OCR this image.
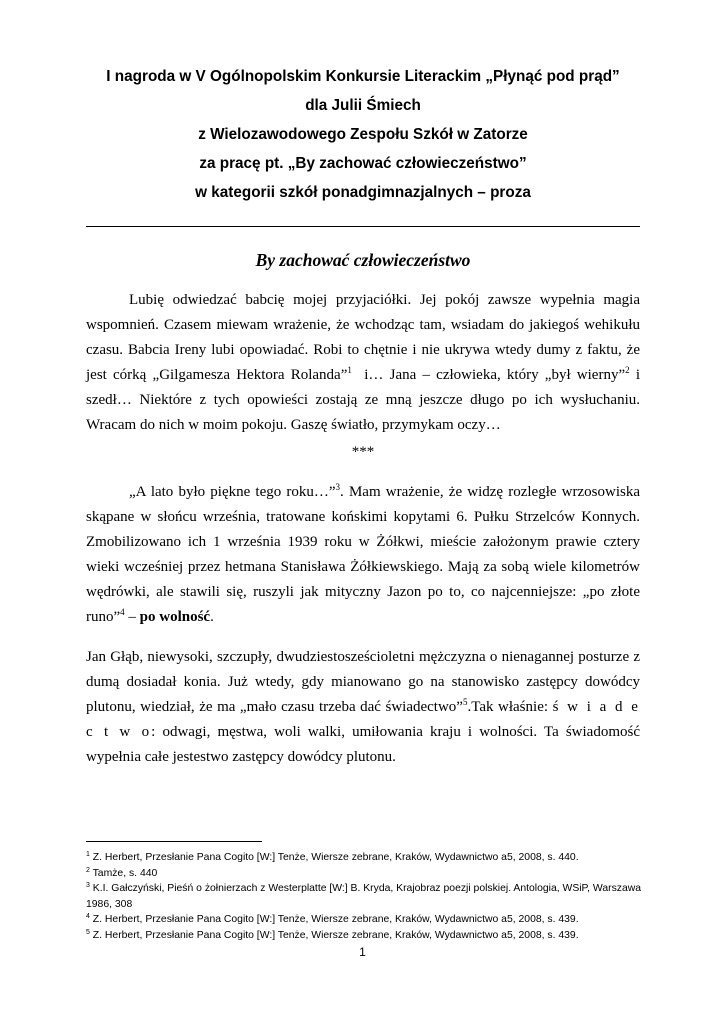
I nagroda w V Ogólnopolskim Konkursie Literackim „Płynąć pod prąd”
dla Julii Śmiech
z Wielozawodowego Zespołu Szkół w Zatorze
za pracę pt. „By zachować człowieczeństwo”
w kategorii szkół ponadgimnazjalnych – proza
By zachować człowieczeństwo

Lubię odwiedzać babcię mojej przyjaciółki. Jej pokój zawsze wypełnia magia wspomnień. Czasem miewam wrażenie, że wchodząc tam, wsiadam do jakiegoś wehikułu czasu. Babcia Ireny lubi opowiadać. Robi to chętnie i nie ukrywa wtedy dumy z faktu, że jest córką „Gilgamesza Hektora Rolanda”$^1$  i… Jana – człowieka, który „był wierny”$^2$ i szedł… Niektóre z tych opowieści zostają ze mną jeszcze długo po ich wysłuchaniu. Wracam do nich w moim pokoju. Gaszę światło, przymykam oczy…

***

„A lato było piękne tego roku…”$^3$. Mam wrażenie, że widzę rozległe wrzosowiska skąpane w słońcu września, tratowane końskimi kopytami 6. Pułku Strzelców Konnych. Zmobilizowano ich 1 września 1939 roku w Żółkwi, mieście założonym prawie cztery wieki wcześniej przez hetmana Stanisława Żółkiewskiego. Mają za sobą wiele kilometrów wędrówki, ale stawili się, ruszyli jak mityczny Jazon po to, co najcenniejsze: „po złote runo”$^4$ – po wolność.

Jan Głąb, niewysoki, szczupły, dwudziestosześcioletni mężczyzna o nienagannej posturze z dumą dosiadał konia. Już wtedy, gdy mianowano go na stanowisko zastępcy dowódcy plutonu, wiedział, że ma „mało czasu trzeba dać świadectwo”$^5$.Tak właśnie: ś w i a d e c t w o: odwagi, męstwa, woli walki, umiłowania kraju i wolności. Ta świadomość wypełnia całe jestestwo zastępcy dowódcy plutonu.

$^1$ Z. Herbert, Przesłanie Pana Cogito [W:] Tenże, Wiersze zebrane, Kraków, Wydawnictwo a5, 2008, s. 440.
$^2$ Tamże, s. 440
$^3$ K.I. Gałczyński, Pieśń o żołnierzach z Westerplatte [W:] B. Kryda, Krajobraz poezji polskiej. Antologia, WSiP, Warszawa 1986, 308
$^4$ Z. Herbert, Przesłanie Pana Cogito [W:] Tenże, Wiersze zebrane, Kraków, Wydawnictwo a5, 2008, s. 439.
$^5$ Z. Herbert, Przesłanie Pana Cogito [W:] Tenże, Wiersze zebrane, Kraków, Wydawnictwo a5, 2008, s. 439.
1
